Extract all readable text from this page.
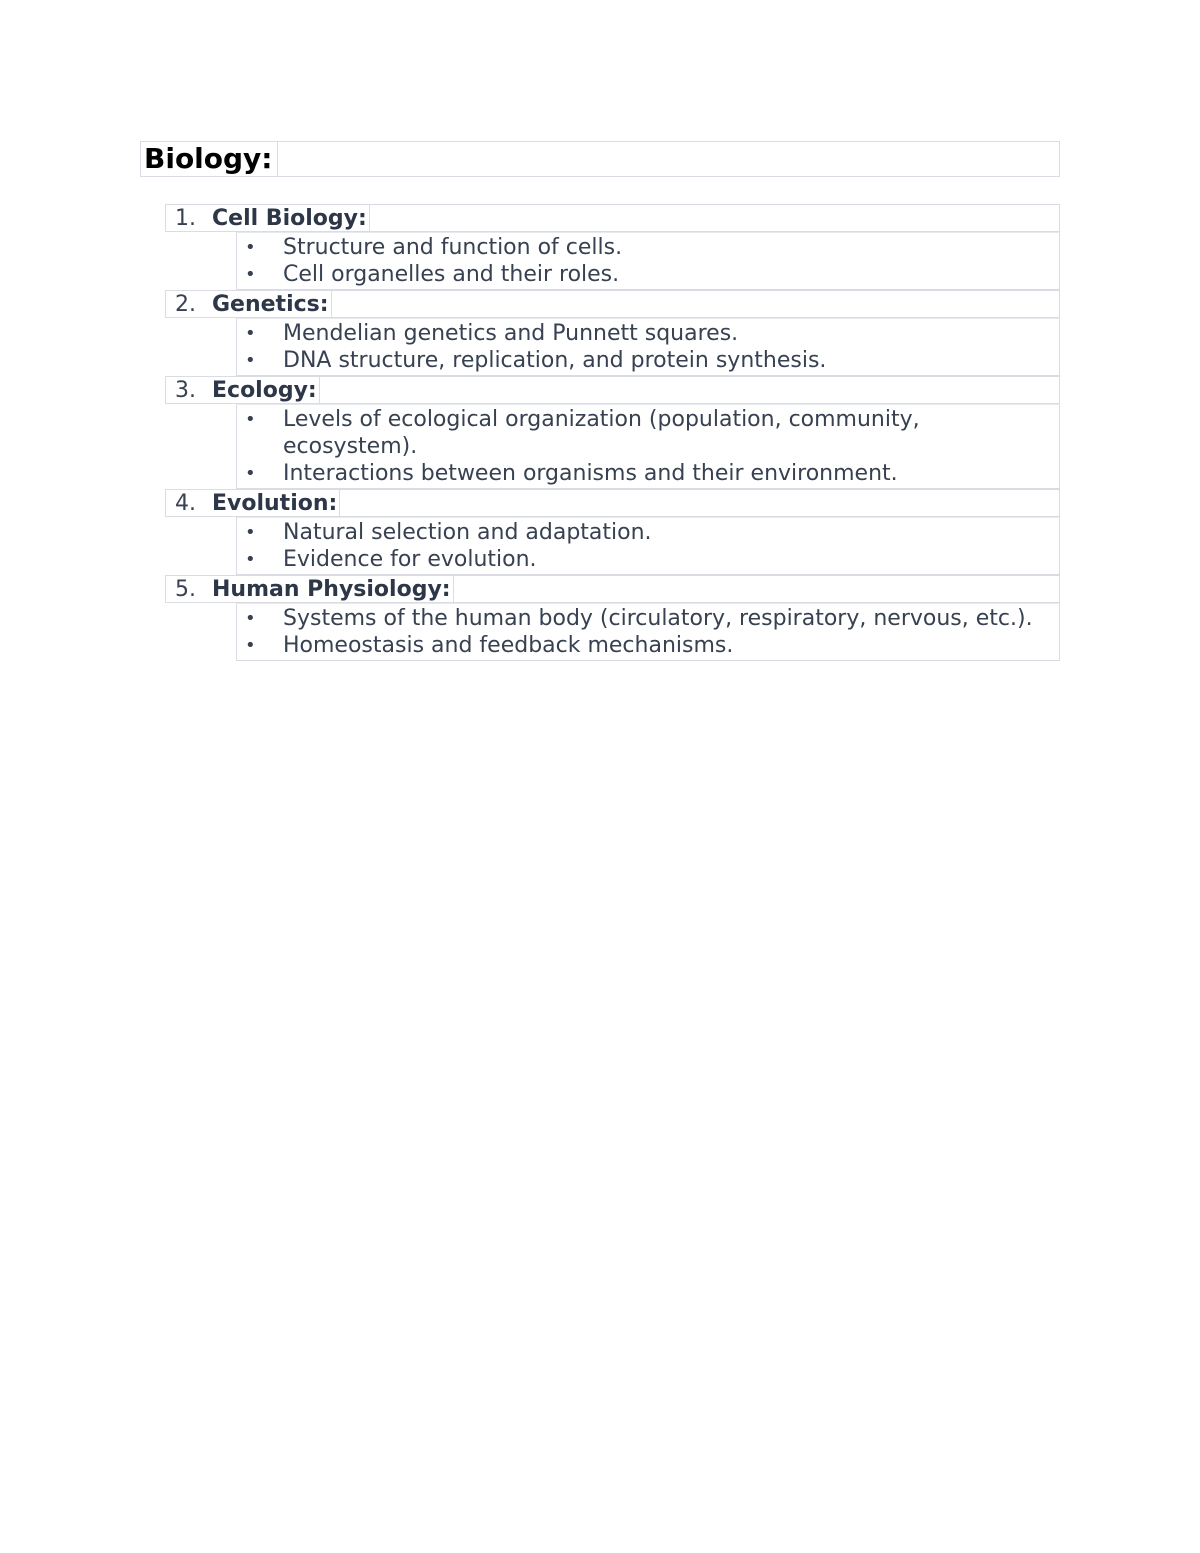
Biology:
1. Cell Biology:
• Structure and function of cells.
• Cell organelles and their roles.
2. Genetics:
• Mendelian genetics and Punnett squares.
• DNA structure, replication, and protein synthesis.
3. Ecology:
• Levels of ecological organization (population, community, ecosystem).
• Interactions between organisms and their environment.
4. Evolution:
• Natural selection and adaptation.
• Evidence for evolution.
5. Human Physiology:
• Systems of the human body (circulatory, respiratory, nervous, etc.).
• Homeostasis and feedback mechanisms.
